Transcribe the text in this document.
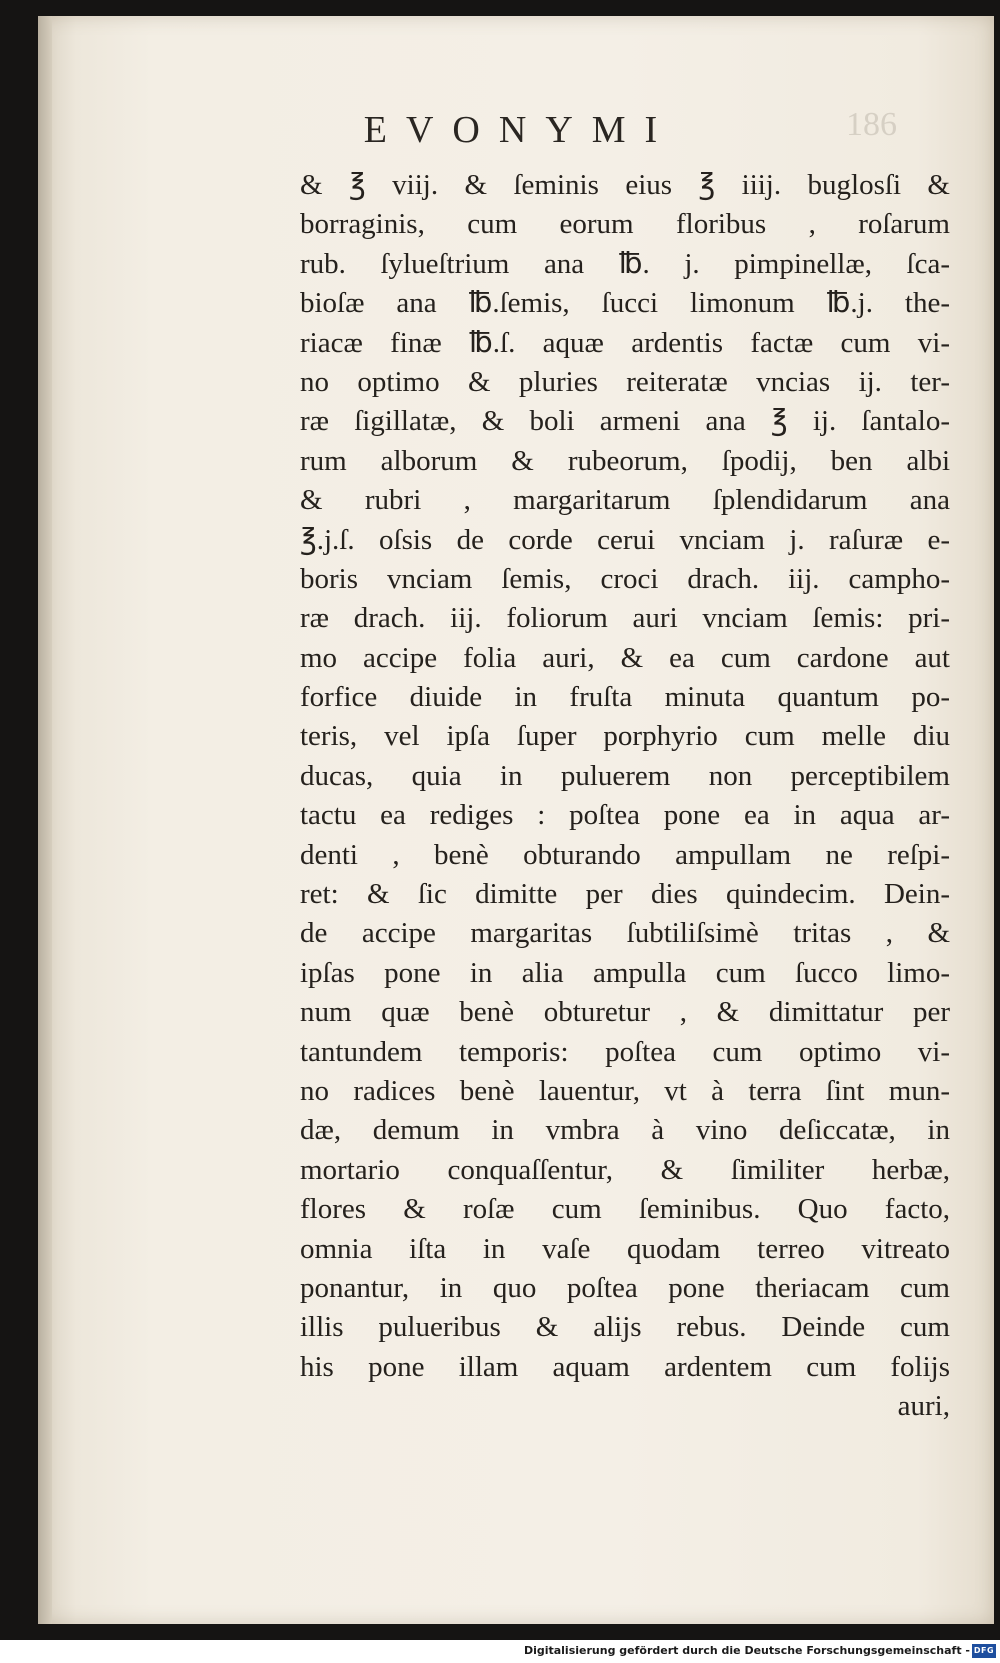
186
EVONYMI
& ℥ viij. & ſeminis eius ℥ iiij. buglosſi &
borraginis, cum eorum floribus , roſarum
rub. ſylueſtrium ana ℔. j. pimpinellæ, ſca-
bioſæ ana ℔.ſemis, ſucci limonum ℔.j. the-
riacæ finæ ℔.ſ. aquæ ardentis factæ cum vi-
no optimo & pluries reiteratæ vncias ij. ter-
ræ ſigillatæ, & boli armeni ana ℥ ij. ſantalo-
rum alborum & rubeorum, ſpodij, ben albi
& rubri , margaritarum ſplendidarum ana
℥.j.ſ. oſsis de corde cerui vnciam j. raſuræ e-
boris vnciam ſemis, croci drach. iij. campho-
ræ drach. iij. foliorum auri vnciam ſemis: pri-
mo accipe folia auri, & ea cum cardone aut
forfice diuide in fruſta minuta quantum po-
teris, vel ipſa ſuper porphyrio cum melle diu
ducas, quia in puluerem non perceptibilem
tactu ea rediges : poſtea pone ea in aqua ar-
denti , benè obturando ampullam ne reſpi-
ret: & ſic dimitte per dies quindecim. Dein-
de accipe margaritas ſubtiliſsimè tritas , &
ipſas pone in alia ampulla cum ſucco limo-
num quæ benè obturetur , & dimittatur per
tantundem temporis: poſtea cum optimo vi-
no radices benè lauentur, vt à terra ſint mun-
dæ, demum in vmbra à vino deſiccatæ, in
mortario conquaſſentur, & ſimiliter herbæ,
flores & roſæ cum ſeminibus. Quo facto,
omnia iſta in vaſe quodam terreo vitreato
ponantur, in quo poſtea pone theriacam cum
illis pulueribus & alijs rebus. Deinde cum
his pone illam aquam ardentem cum folijs
auri,
Digitalisierung gefördert durch die Deutsche Forschungsgemeinschaft - DFG
